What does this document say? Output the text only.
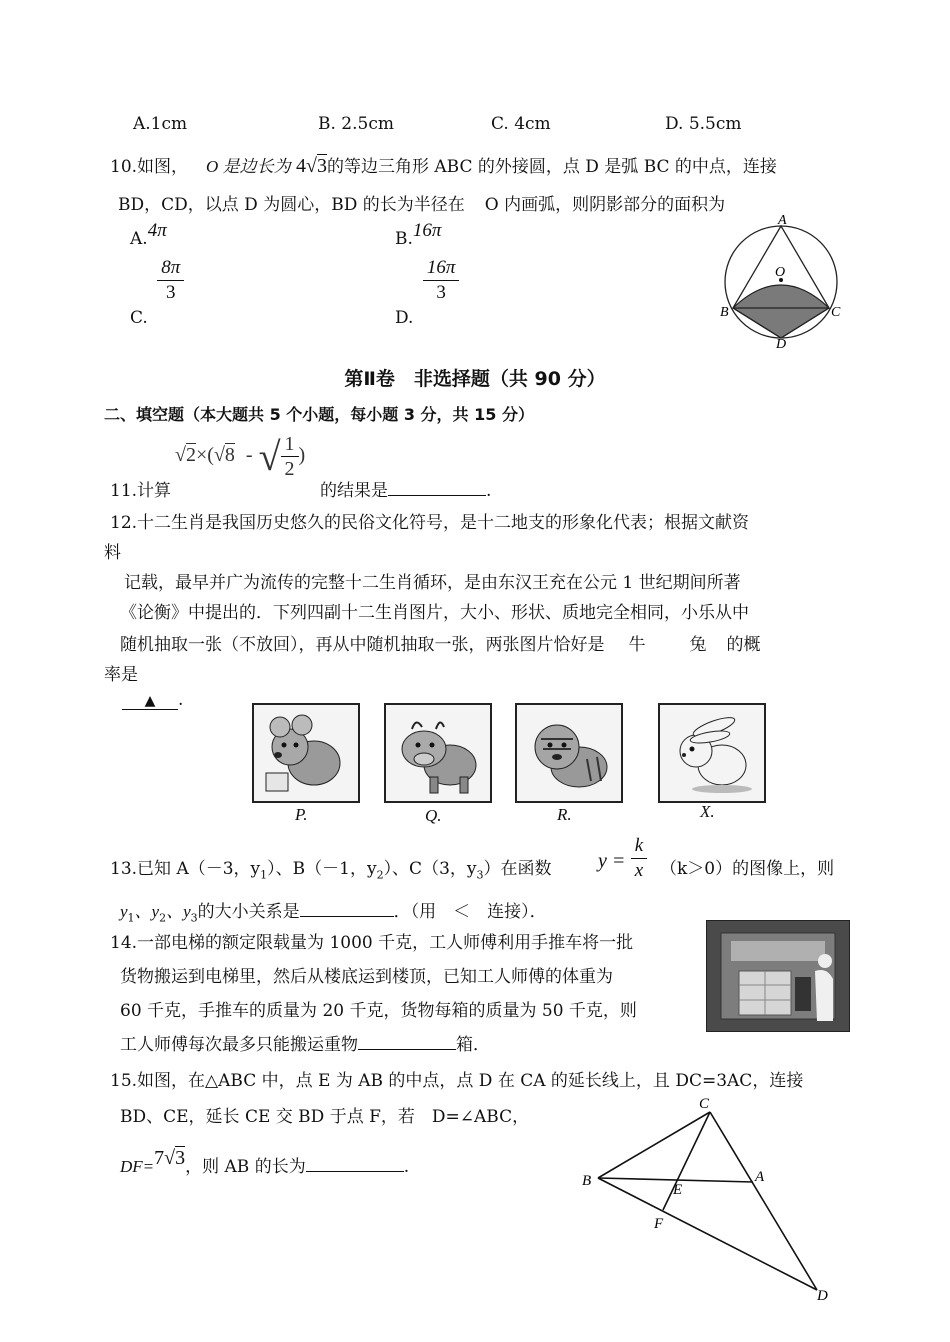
A.1cm	B. 2.5cm	C. 4cm	D. 5.5cm
10.如图， O 是边长为 4√3的等边三角形 ABC 的外接圆，点 D 是弧 BC 的中点，连接
BD，CD，以点 D 为圆心，BD 的长为半径在 O 内画弧，则阴影部分的面积为
A.4π	B.16π
C.
$\frac{8\pi}{3}$
D.
$\frac{16\pi}{3}$
A
O
B	C
D
第Ⅱ卷　非选择题（共 90 分）
二、填空题（本大题共 5 个小题，每小题 3 分，共 15 分）
11.计算
√2×(√8 - √ $\frac{1}{2}$ )
的结果是	.
12.十二生肖是我国历史悠久的民俗文化符号，是十二地支的形象化代表；根据文献资
料
记载，最早并广为流传的完整十二生肖循环，是由东汉王充在公元 1 世纪期间所著
《论衡》中提出的．下列四副十二生肖图片，大小、形状、质地完全相同，小乐从中
随机抽取一张（不放回），再从中随机抽取一张，两张图片恰好是 牛	兔 的概
率是
▲ .
P.	Q.	R.	X.
13.已知 A（－3，$y_1$）、B（－1，$y_2$）、C（3，$y_3$）在函数 $y = \frac{k}{x} (k>0)$的图像上，则
$y_1$、$y_2$、$y_3$的大小关系是	．（用　＜　连接）．
14.一部电梯的额定限载量为 1000 千克，工人师傅利用手推车将一批
货物搬运到电梯里，然后从楼底运到楼顶，已知工人师傅的体重为
60 千克，手推车的质量为 20 千克，货物每箱的质量为 50 千克，则
工人师傅每次最多只能搬运重物	箱．
15.如图，在△ABC 中，点 E 为 AB 的中点，点 D 在 CA 的延长线上，且 DC=3AC，连接
BD、CE，延长 CE 交 BD 于点 F，若　D=∠ABC，
DF=7√3，则 AB 的长为	.
C
B	A
E
F
D
